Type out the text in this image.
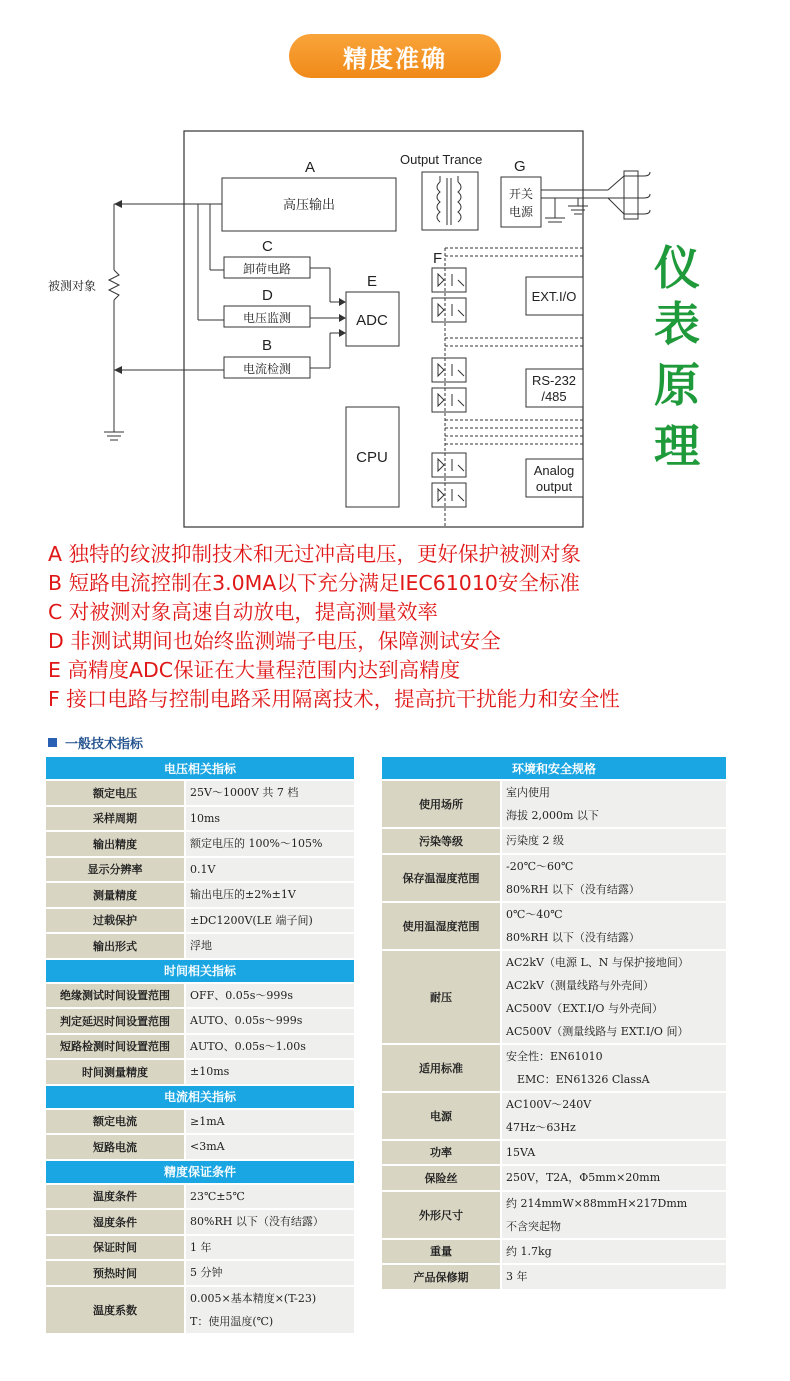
精度准确
A
高压输出
C
卸荷电路
D
电压监测
B
电流检测
E
ADC
CPU
被测对象
Output Trance G
开关
电源
F
EXT.I/O
RS-232
/485
Analog
output
仪
表
原
理
A 独特的纹波抑制技术和无过冲高电压，更好保护被测对象
B 短路电流控制在3.0MA以下充分满足IEC61010安全标准
C 对被测对象高速自动放电，提高测量效率
D 非测试期间也始终监测端子电压，保障测试安全
E 高精度ADC保证在大量程范围内达到高精度
F 接口电路与控制电路采用隔离技术，提高抗干扰能力和安全性
一般技术指标
电压相关指标	
额定电压	25V～1000V 共 7 档

采样周期	10ms

输出精度	额定电压的 100%～105%

显示分辨率	0.1V

测量精度	输出电压的±2%±1V

过载保护	±DC1200V(LE 端子间)

输出形式	浮地

时间相关指标	
绝缘测试时间设置范围	OFF、0.05s～999s

判定延迟时间设置范围	AUTO、0.05s～999s

短路检测时间设置范围	AUTO、0.05s～1.00s

时间测量精度	±10ms

电流相关指标	
额定电流	≥1mA

短路电流	<3mA

精度保证条件	
温度条件	23℃±5℃

湿度条件	80%RH 以下（没有结露）

保证时间	1 年

预热时间	5 分钟

温度系数	0.005×基本精度×(T-23)
T：使用温度(℃)
环境和安全规格	
使用场所	室内使用
海拔 2,000m 以下

污染等级	污染度 2 级

保存温湿度范围	-20℃～60℃
80%RH 以下（没有结露）

使用温湿度范围	0℃～40℃
80%RH 以下（没有结露）

耐压	AC2kV（电源 L、N 与保护接地间）
AC2kV（测量线路与外壳间）
AC500V（EXT.I/O 与外壳间）
AC500V（测量线路与 EXT.I/O 间）

适用标准	安全性：EN61010
　EMC：EN61326 ClassA

电源	AC100V～240V
47Hz～63Hz

功率	15VA

保险丝	250V，T2A，Φ5mm×20mm

外形尺寸	约 214mmW×88mmH×217Dmm
不含突起物

重量	约 1.7kg

产品保修期	3 年
